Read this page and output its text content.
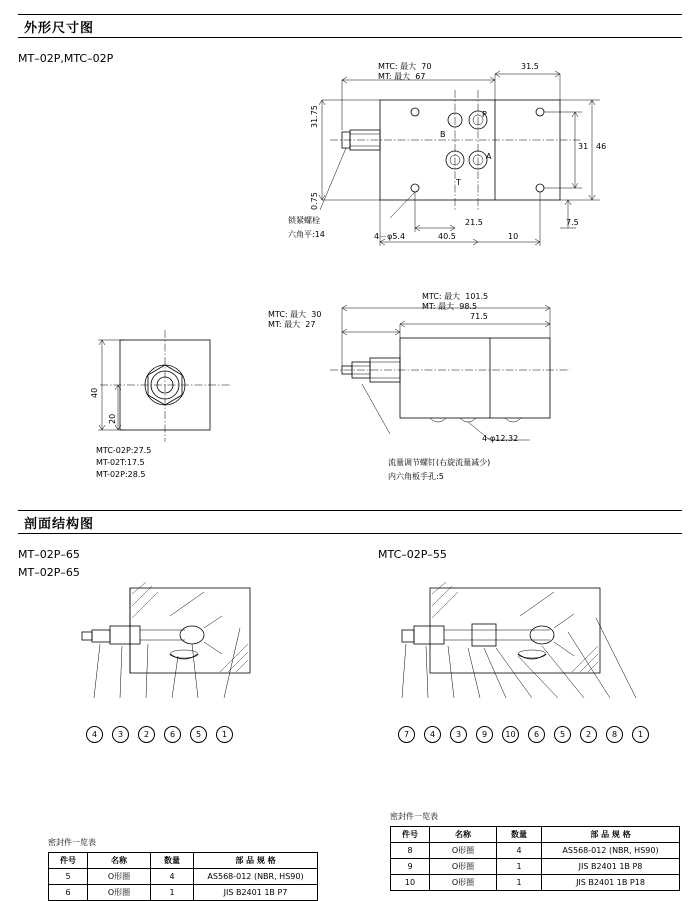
外形尺寸图
MT–02P,MTC–02P
MTC: 最大  70
MT: 最大  67
31.5
31.75
0.75
31 46
21.5
40.5	10
7.5
P
B
A
T
锁紧螺栓
六角平:14	4－φ5.4
40
20
MTC-02P:27.5
MT-02T:17.5
MT-02P:28.5
MTC: 最大  101.5
MT: 最大  98.5
71.5
MTC: 最大  30
MT: 最大  27
4-φ12.32
流量调节螺钉(右旋流量减少)
内六角板手孔:5
剖面结构图
MT–02P–65
MT–02P–65
MTC–02P–55
4	3	2	6	5	1	7	4	3	9	10	6	5	2	8	1
密封件一览表
件号	名称	数量	部 品 规 格
8	O形圈	4	AS568-012 (NBR, HS90)
9	O形圈	1	JIS B2401 1B P8
10	O形圈	1	JIS B2401 1B P18
密封件一览表
件号	名称	数量	部 品 规 格
5	O形圈	4	AS568-012 (NBR, HS90)
6	O形圈	1	JIS B2401 1B P7
